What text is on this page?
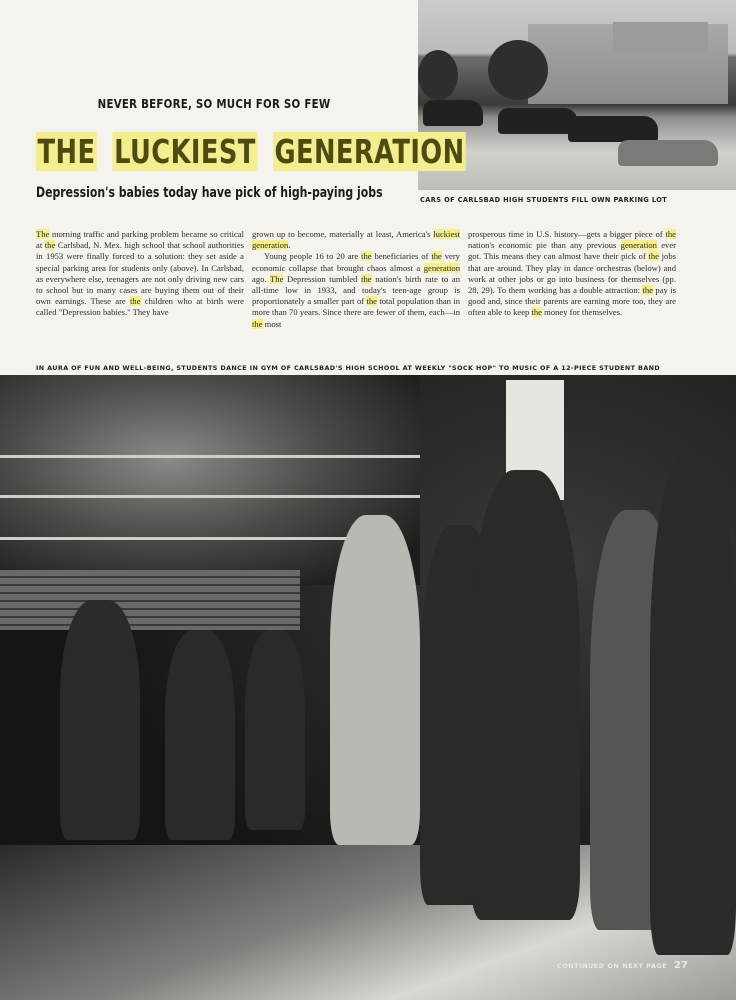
NEVER BEFORE, SO MUCH FOR SO FEW
THE LUCKIEST GENERATION
Depression's babies today have pick of high-paying jobs	CARS OF CARLSBAD HIGH STUDENTS FILL OWN PARKING LOT

The morning traffic and parking problem became so critical at the Carlsbad, N. Mex. high school that school authorities in 1953 were finally forced to a solution: they set aside a special parking area for students only (above). In Carlsbad, as everywhere else, teenagers are not only driving new cars to school but in many cases are buying them out of their own earnings. These are the children who at birth were called "Depression babies." They have

grown up to become, materially at least, America's luckiest generation.

Young people 16 to 20 are the beneficiaries of the very economic collapse that brought chaos almost a generation ago. The Depression tumbled the nation's birth rate to an all-time low in 1933, and today's teen-age group is proportionately a smaller part of the total population than in more than 70 years. Since there are fewer of them, each—in the most

prosperous time in U.S. history—gets a bigger piece of the nation's economic pie than any previous generation ever got. This means they can almost have their pick of the jobs that are around. They play in dance orchestras (below) and work at other jobs or go into business for themselves (pp. 28, 29). To them working has a double attraction: the pay is good and, since their parents are earning more too, they are often able to keep the money for themselves.

IN AURA OF FUN AND WELL-BEING, STUDENTS DANCE IN GYM OF CARLSBAD'S HIGH SCHOOL AT WEEKLY "SOCK HOP" TO MUSIC OF A 12-PIECE STUDENT BAND
CONTINUED ON NEXT PAGE 27
